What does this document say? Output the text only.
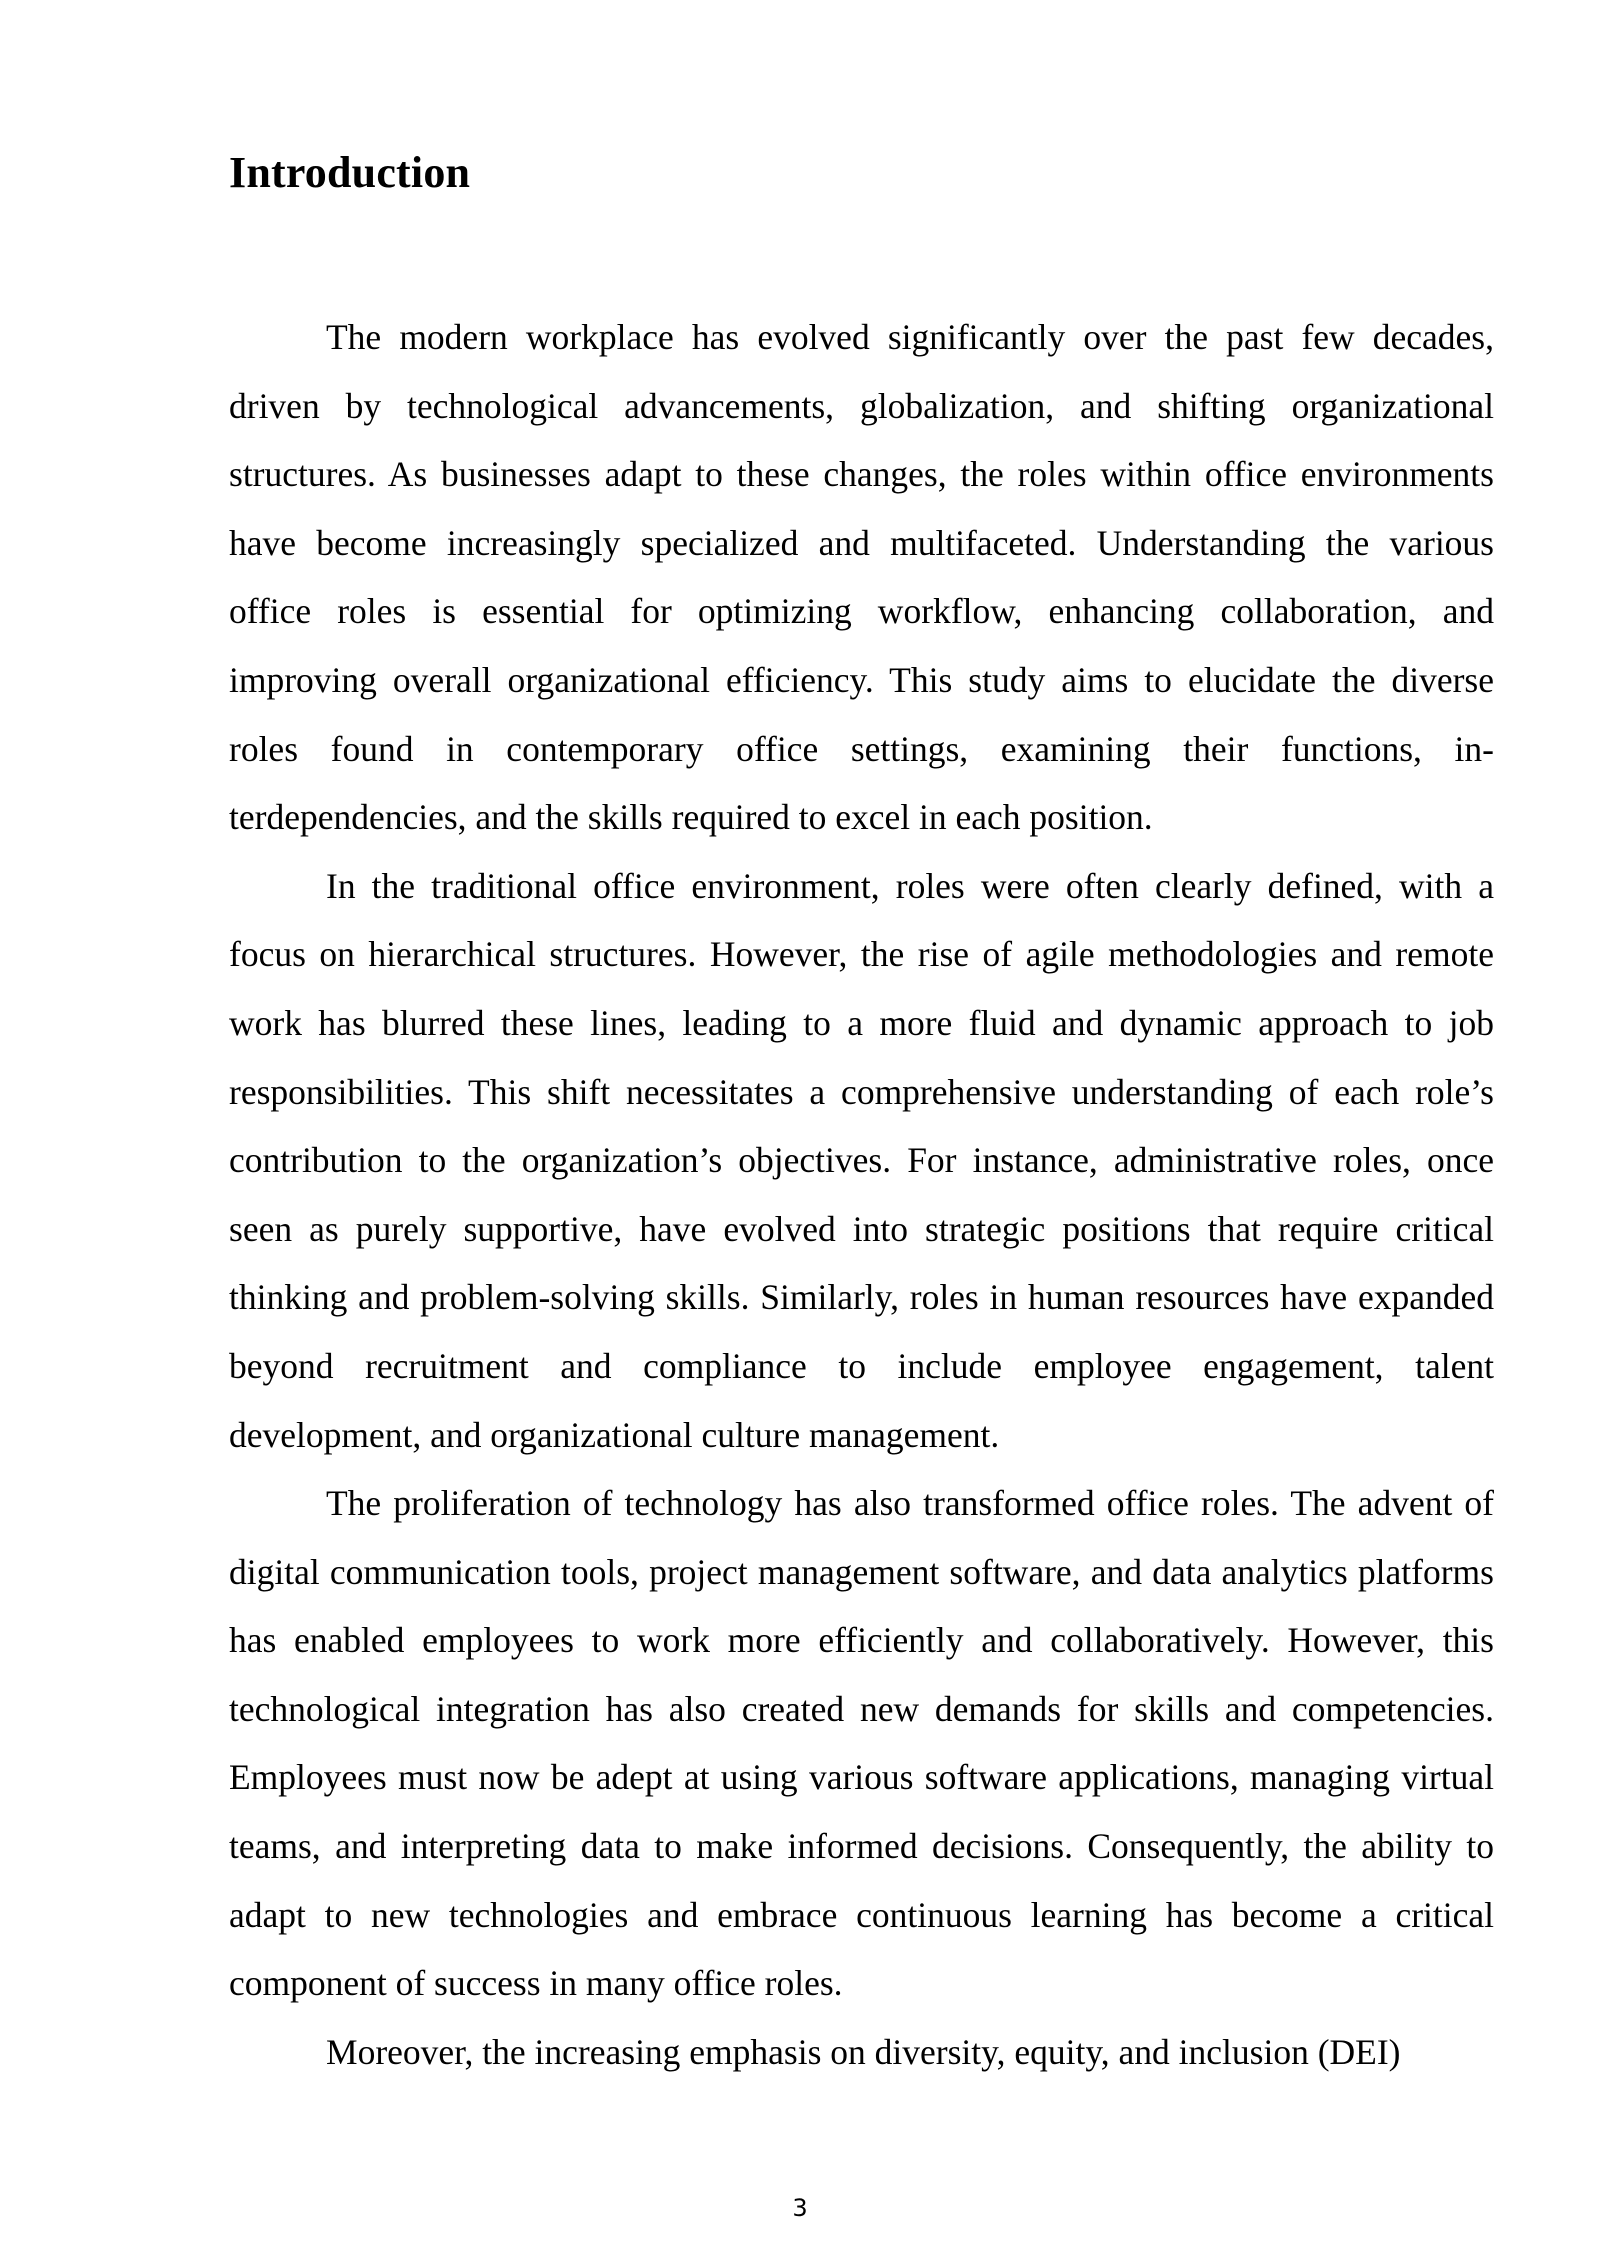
Introduction

The modern workplace has evolved significantly over the past few decades, driven by technological advancements, globalization, and shifting organizational structures. As businesses adapt to these changes, the roles within office environments have become increasingly specialized and multifaceted. Understanding the various office roles is essential for optimizing workflow, enhancing collaboration, and improving overall organizational efficiency. This study aims to elucidate the diverse roles found in contemporary office settings, examining their functions, interdependencies, and the skills required to excel in each position.

In the traditional office environment, roles were often clearly defined, with a focus on hierarchical structures. However, the rise of agile methodologies and remote work has blurred these lines, leading to a more fluid and dynamic approach to job responsibilities. This shift necessitates a comprehensive understanding of each role’s contribution to the organization’s objectives. For instance, administrative roles, once seen as purely supportive, have evolved into strategic positions that require critical thinking and problem-solving skills. Similarly, roles in human resources have expanded beyond recruitment and compliance to include employee engagement, talent development, and organizational culture management.

The proliferation of technology has also transformed office roles. The advent of digital communication tools, project management software, and data analytics platforms has enabled employees to work more efficiently and collaboratively. However, this technological integration has also created new demands for skills and competencies. Employees must now be adept at using various software applications, managing virtual teams, and interpreting data to make informed decisions. Consequently, the ability to adapt to new technologies and embrace continuous learning has become a critical component of success in many office roles.

Moreover, the increasing emphasis on diversity, equity, and inclusion (DEI)

3
